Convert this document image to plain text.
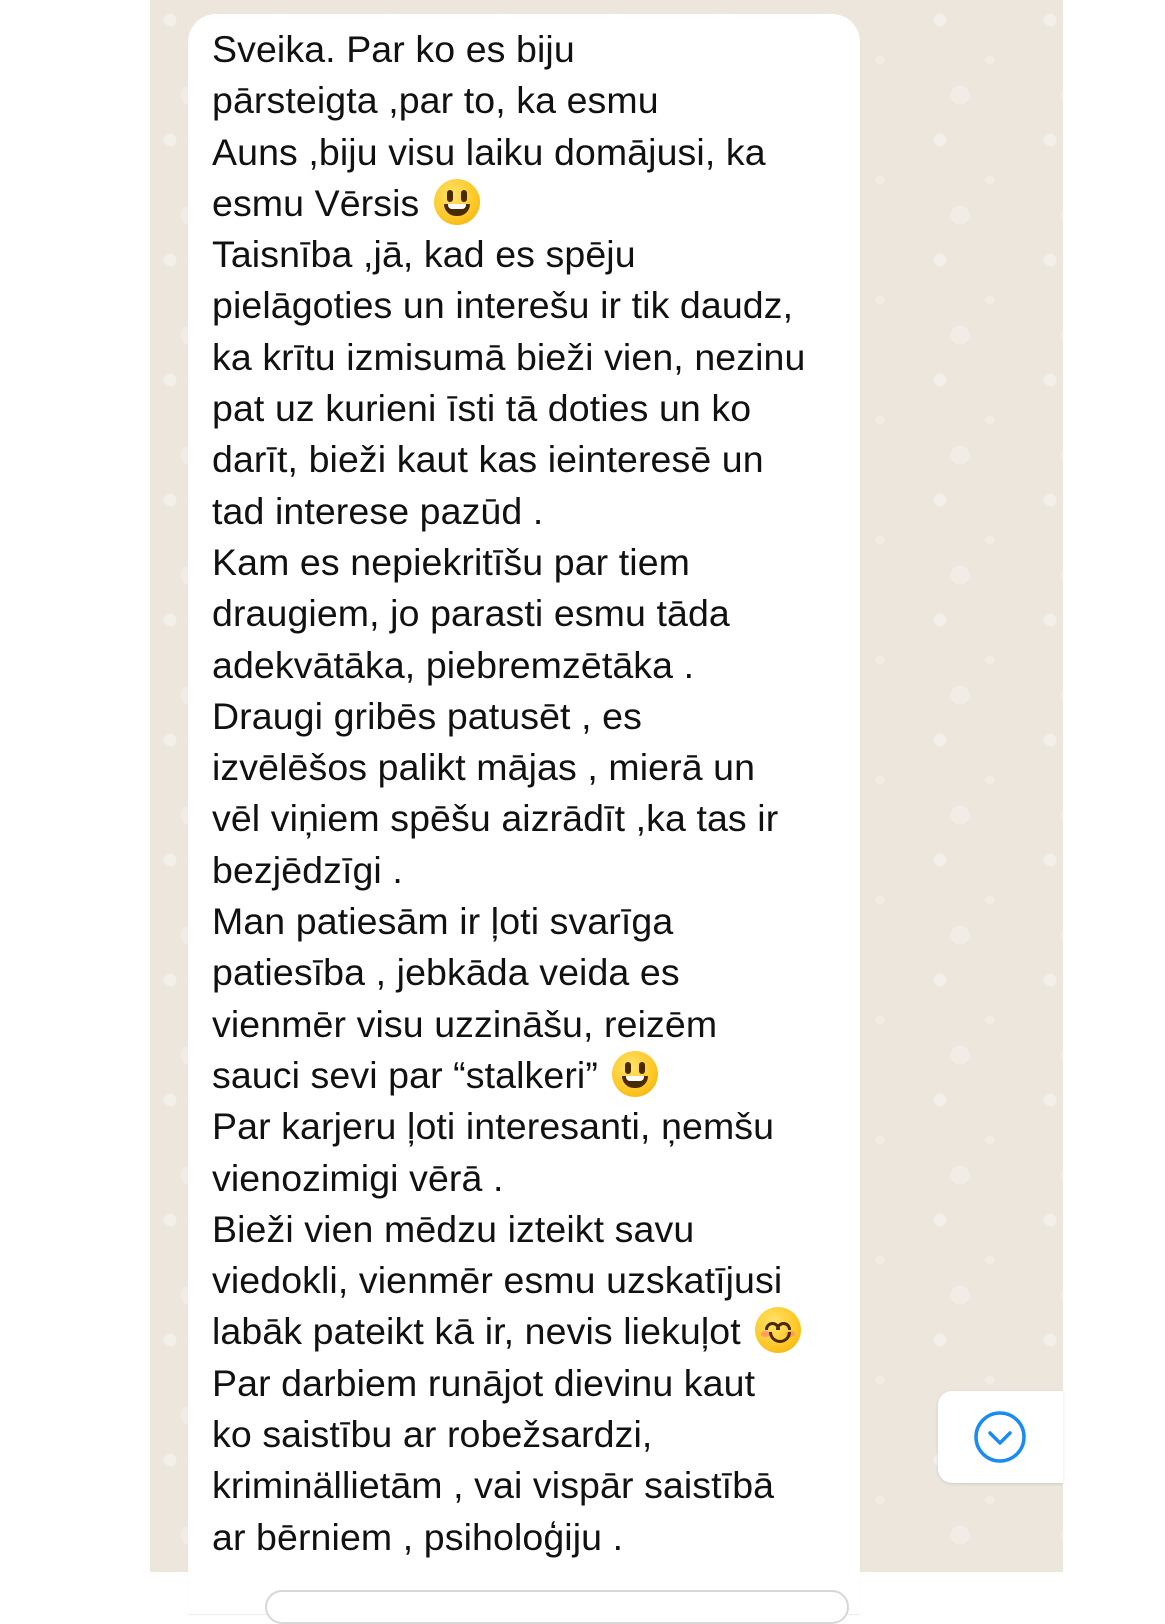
Sveika. Par ko es biju
pārsteigta ,par to, ka esmu
Auns ,biju visu laiku domājusi, ka
esmu Vērsis
Taisnība ,jā, kad es spēju
pielāgoties un interešu ir tik daudz,
ka krītu izmisumā bieži vien, nezinu
pat uz kurieni īsti tā doties un ko
darīt, bieži kaut kas ieinteresē un
tad interese pazūd .
Kam es nepiekritīšu par tiem
draugiem, jo parasti esmu tāda
adekvātāka, piebremzētāka .
Draugi gribēs patusēt , es
izvēlēšos palikt mājas , mierā un
vēl viņiem spēšu aizrādīt ,ka tas ir
bezjēdzīgi .
Man patiesām ir ļoti svarīga
patiesība , jebkāda veida es
vienmēr visu uzzināšu, reizēm
sauci sevi par “stalkeri”
Par karjeru ļoti interesanti, ņemšu
vienozimigi vērā .
Bieži vien mēdzu izteikt savu
viedokli, vienmēr esmu uzskatījusi
labāk pateikt kā ir, nevis liekuļot
Par darbiem runājot dievinu kaut
ko saistību ar robežsardzi,
kriminällietām , vai vispār saistībā
ar bērniem , psiholoģiju .
